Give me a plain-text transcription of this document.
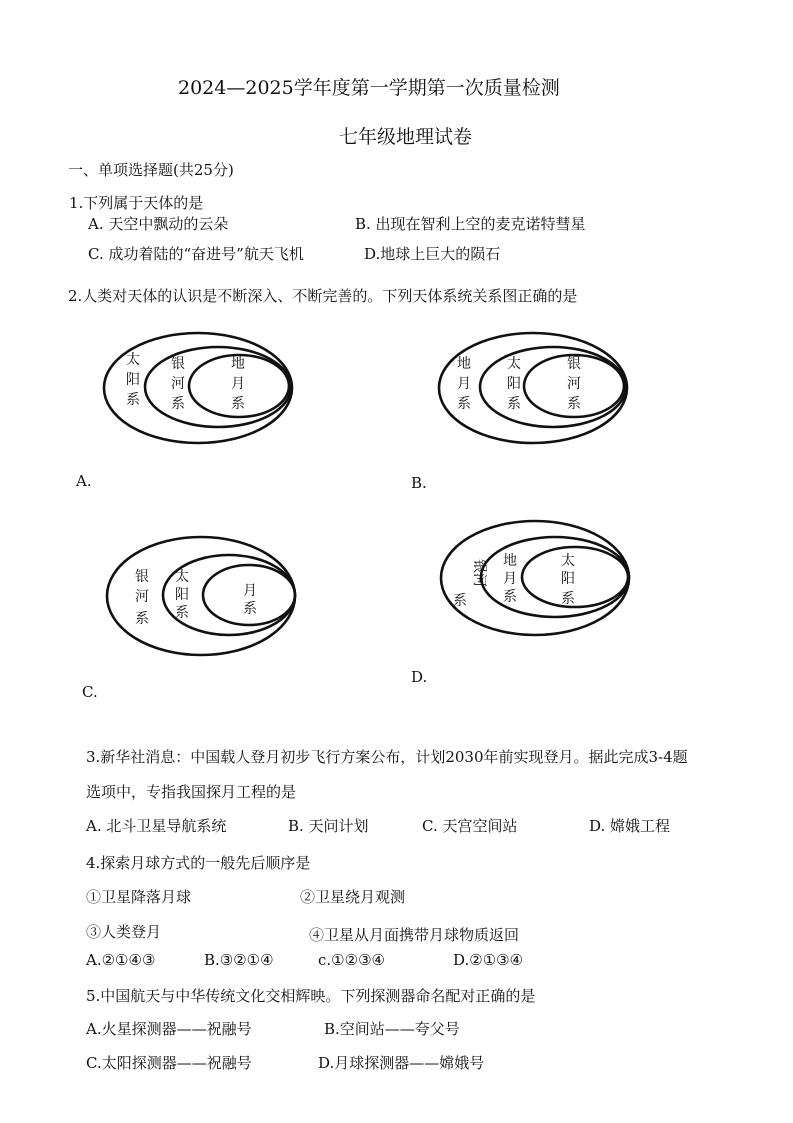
2024—2025学年度第一学期第一次质量检测
七年级地理试卷
一、单项选择题(共25分)
1.下列属于天体的是
A. 天空中飘动的云朵	B. 出现在智利上空的麦克诺特彗星
C. 成功着陆的“奋进号”航天飞机	D.地球上巨大的陨石
2.人类对天体的认识是不断深入、不断完善的。下列天体系统关系图正确的是
太
阳
系
银
河
系
地
月
系
A.
地
月
系
太
阳
系
银
河
系
B.
银
河
系
太
阳
系
月
系
C.
银河
系
地
月
系
太
阳
系
D.
3.新华社消息：中国载人登月初步飞行方案公布，计划2030年前实现登月。据此完成3-4题
选项中，专指我国探月工程的是
A. 北斗卫星导航系统	B. 天问计划	C. 天宫空间站	D. 嫦娥工程
4.探索月球方式的一般先后顺序是
①卫星降落月球	②卫星绕月观测
③人类登月	④卫星从月面携带月球物质返回
A.②①④③	B.③②①④	c.①②③④	D.②①③④
5.中国航天与中华传统文化交相辉映。下列探测器命名配对正确的是
A.火星探测器——祝融号	B.空间站——夸父号
C.太阳探测器——祝融号	D.月球探测器——嫦娥号
